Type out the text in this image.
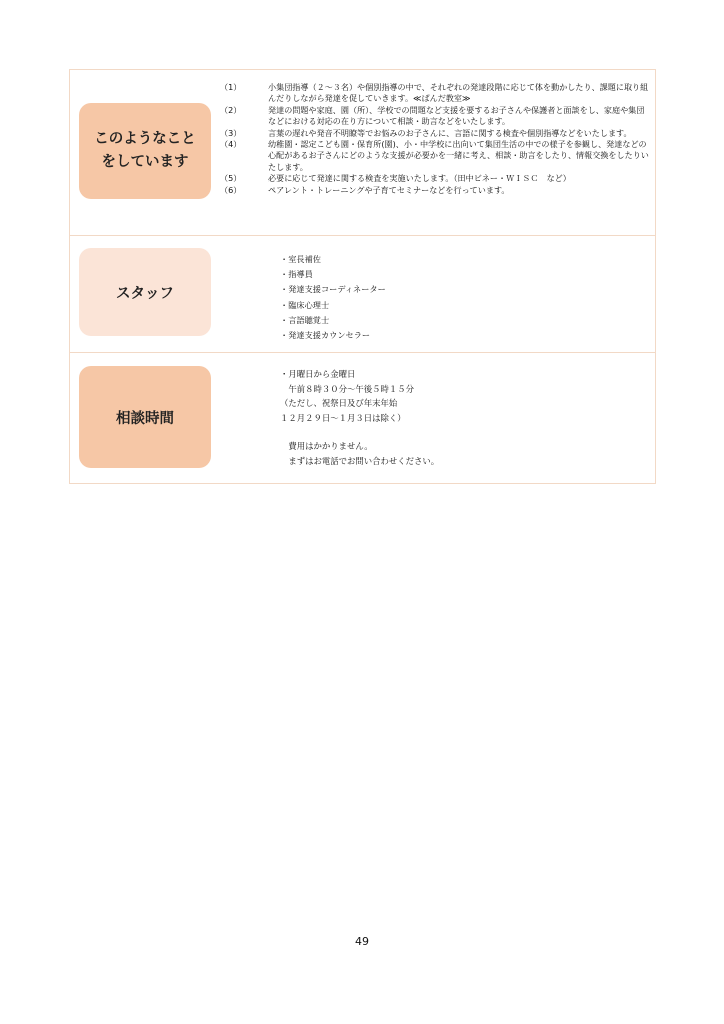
このようなこと
をしています
（1）	小集団指導（２～３名）や個別指導の中で、それぞれの発達段階に応じて体を動かしたり、課題に取り組んだりしながら発達を促していきます。≪ぱんだ教室≫
（2）	発達の問題や家庭、園（所）、学校での問題など支援を要するお子さんや保護者と面談をし、家庭や集団などにおける対応の在り方について相談・助言などをいたします。
（3）	言葉の遅れや発音不明瞭等でお悩みのお子さんに、言語に関する検査や個別指導などをいたします。
（4）	幼稚園・認定こども園・保育所(園)、小・中学校に出向いて集団生活の中での様子を参観し、発達などの心配があるお子さんにどのような支援が必要かを一緒に考え、相談・助言をしたり、情報交換をしたりいたします。
（5）	必要に応じて発達に関する検査を実施いたします。（田中ビネー・ＷＩＳＣ　など）
（6）	ペアレント・トレーニングや子育てセミナーなどを行っています。
スタッフ
・室長補佐
・指導員
・発達支援コーディネーター
・臨床心理士
・言語聴覚士
・発達支援カウンセラー
相談時間
・月曜日から金曜日
　午前８時３０分～午後５時１５分
（ただし、祝祭日及び年末年始
１２月２９日～１月３日は除く）
　費用はかかりません。
　まずはお電話でお問い合わせください。
49
